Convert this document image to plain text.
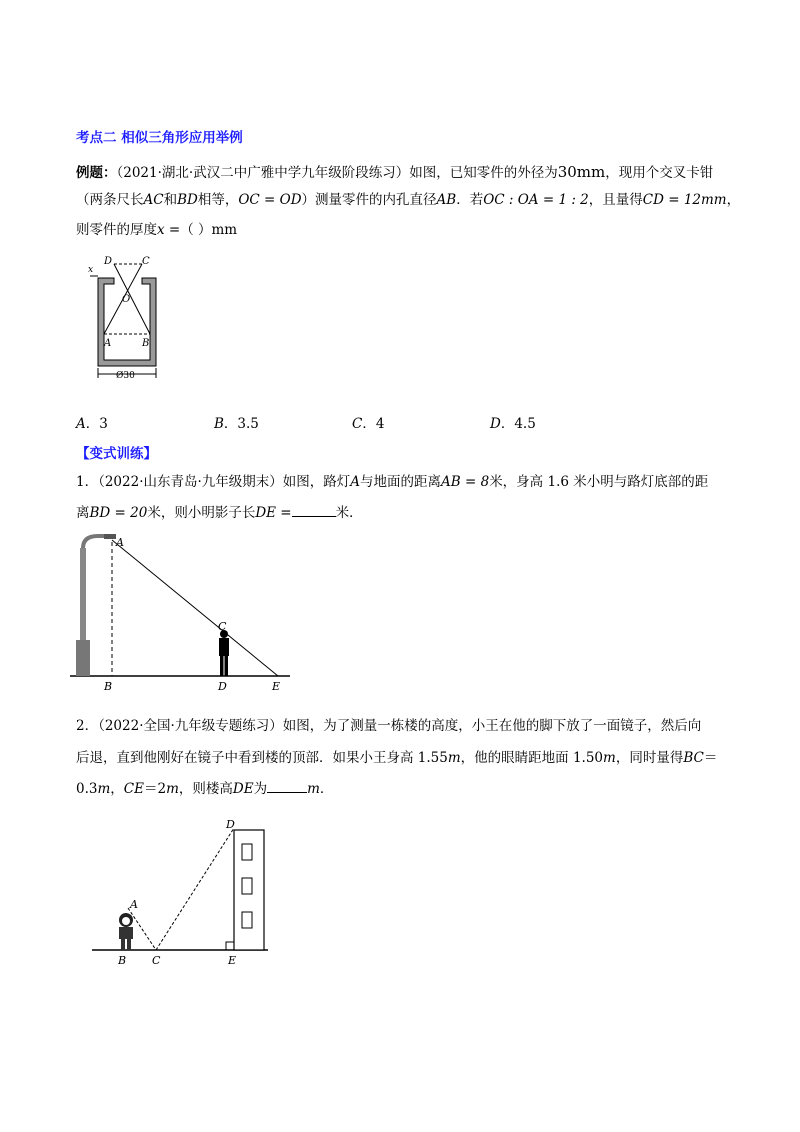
考点二 相似三角形应用举例
例题：（2021·湖北·武汉二中广雅中学九年级阶段练习）如图，已知零件的外径为30mm，现用个交叉卡钳
（两条尺长AC和BD相等，OC = OD）测量零件的内孔直径AB．若OC : OA = 1 : 2，且量得CD = 12mm，
则零件的厚度x =（ ）mm
D	C
O
A	B
x
Ø30
A．3	B．3.5	C．4	D．4.5
【变式训练】
1．（2022·山东青岛·九年级期末）如图，路灯A与地面的距离AB = 8米，身高 1.6 米小明与路灯底部的距
离BD = 20米，则小明影子长DE =	米．
A
B
C
D	E
2．（2022·全国·九年级专题练习）如图，为了测量一栋楼的高度，小王在他的脚下放了一面镜子，然后向
后退，直到他刚好在镜子中看到楼的顶部．如果小王身高 1.55m，他的眼睛距地面 1.50m，同时量得BC＝
0.3m，CE＝2m，则楼高DE为	m．
D
A
B C	E
